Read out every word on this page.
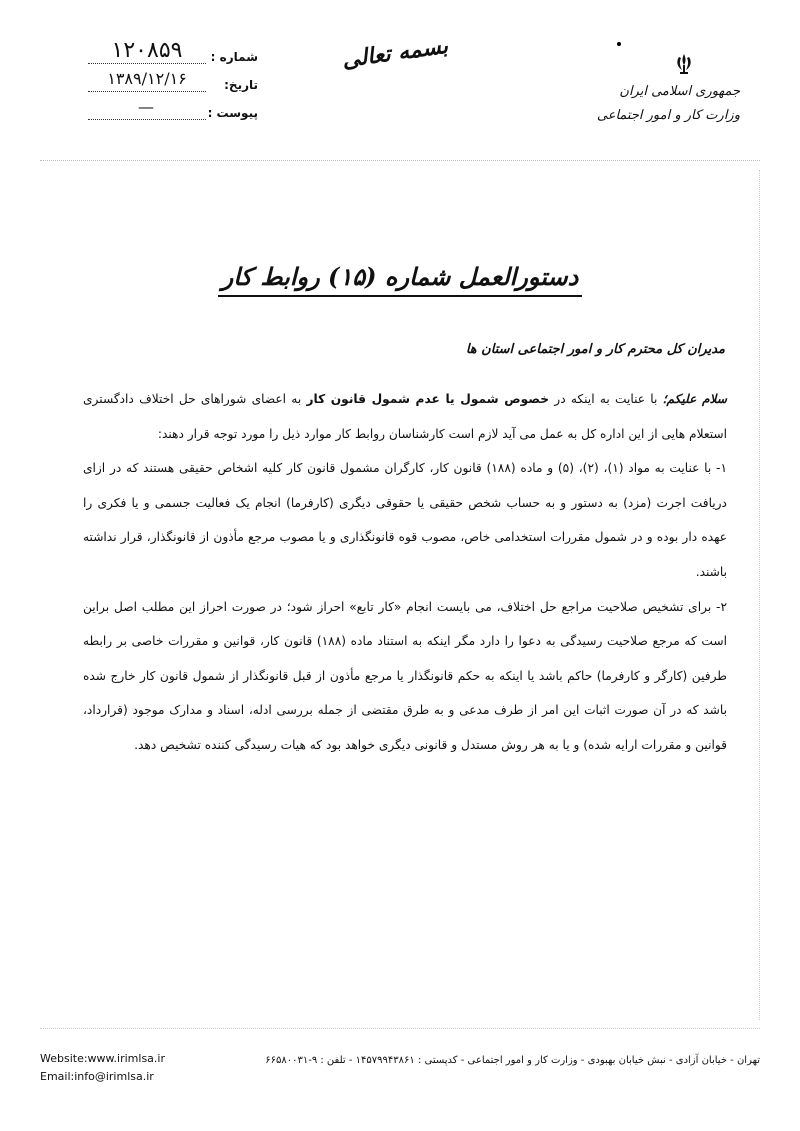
شماره :
۱۲۰۸۵۹
تاریخ:
۱۳۸۹/۱۲/۱۶
پیوست :
—
بسمه تعالی
جمهوری اسلامی ایران
وزارت کار و امور اجتماعی
دستورالعمل شماره (۱۵) روابط کار
مدیران کل محترم کار و امور اجتماعی استان ها

سلام علیکم؛ با عنایت به اینکه در خصوص شمول یا عدم شمول قانون کار به اعضای شوراهای حل اختلاف دادگستری استعلام هایی از این اداره کل به عمل می آید لازم است کارشناسان روابط کار موارد ذیل را مورد توجه قرار دهند:

۱- با عنایت به مواد (۱)، (۲)، (۵) و ماده (۱۸۸) قانون کار، کارگران مشمول قانون کار کلیه اشخاص حقیقی هستند که در ازای دریافت اجرت (مزد) به دستور و به حساب شخص حقیقی یا حقوقی دیگری (کارفرما) انجام یک فعالیت جسمی و یا فکری را عهده دار بوده و در شمول مقررات استخدامی خاص، مصوب قوه قانونگذاری و یا مصوب مرجع مأذون از قانونگذار، قرار نداشته باشند.

۲- برای تشخیص صلاحیت مراجع حل اختلاف، می بایست انجام «کار تابع» احراز شود؛ در صورت احراز این مطلب اصل براین است که مرجع صلاحیت رسیدگی به دعوا را دارد مگر اینکه به استناد ماده (۱۸۸) قانون کار، قوانین و مقررات خاصی بر رابطه طرفین (کارگر و کارفرما) حاکم باشد یا اینکه به حکم قانونگذار یا مرجع مأذون از قبل قانونگذار از شمول قانون کار خارج شده باشد که در آن صورت اثبات این امر از طرف مدعی و به طرق مقتضی از جمله بررسی ادله، اسناد و مدارک موجود (قرارداد، قوانین و مقررات ارایه شده) و یا به هر روش مستدل و قانونی دیگری خواهد بود که هیات رسیدگی کننده تشخیص دهد.

تهران - خیابان آزادی - نبش خیابان بهبودی - وزارت کار و امور اجتماعی - کدپستی : ۱۴۵۷۹۹۴۳۸۶۱ - تلفن : ۹-۶۶۵۸۰۰۳۱
Website:www.irimlsa.ir
Email:info@irimlsa.ir
